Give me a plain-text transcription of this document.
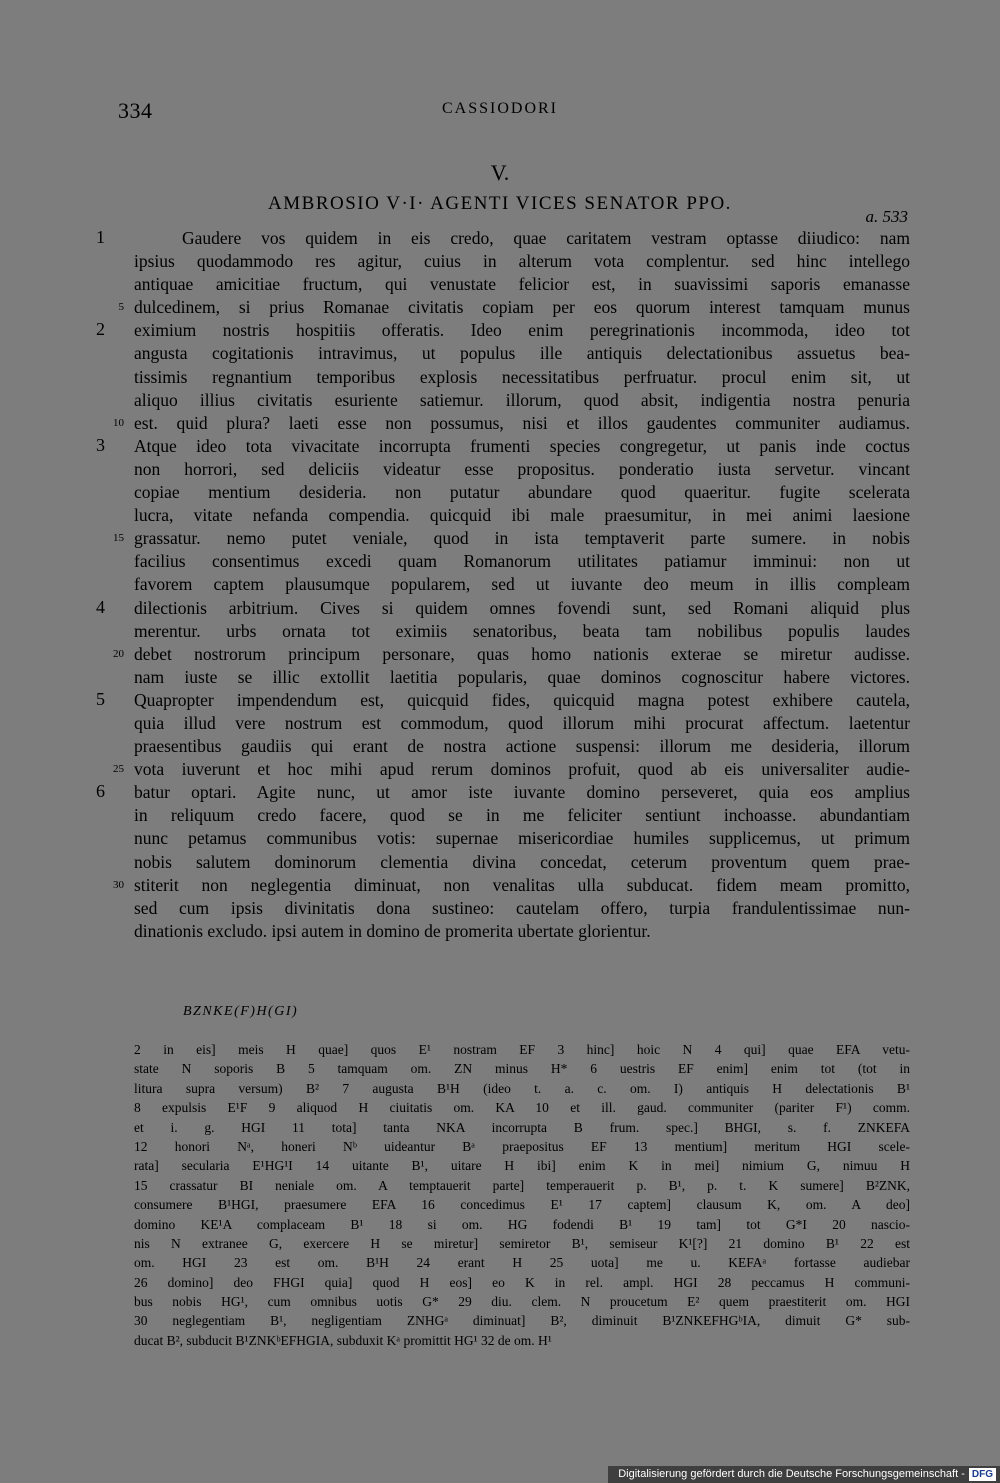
334	CASSIODORI
V.
AMBROSIO V·I· AGENTI VICES SENATOR PPO.
a. 533
1
2
3
4
5
6
5
10
15
20
25
30
Gaudere vos quidem in eis credo, quae caritatem vestram optasse diiudico: nam
ipsius quodammodo res agitur, cuius in alterum vota complentur. sed hinc intellego
antiquae amicitiae fructum, qui venustate felicior est, in suavissimi saporis emanasse
dulcedinem, si prius Romanae civitatis copiam per eos quorum interest tamquam munus
eximium nostris hospitiis offeratis. Ideo enim peregrinationis incommoda, ideo tot
angusta cogitationis intravimus, ut populus ille antiquis delectationibus assuetus bea-
tissimis regnantium temporibus explosis necessitatibus perfruatur. procul enim sit, ut
aliquo illius civitatis esuriente satiemur. illorum, quod absit, indigentia nostra penuria
est. quid plura? laeti esse non possumus, nisi et illos gaudentes communiter audiamus.
Atque ideo tota vivacitate incorrupta frumenti species congregetur, ut panis inde coctus
non horrori, sed deliciis videatur esse propositus. ponderatio iusta servetur. vincant
copiae mentium desideria. non putatur abundare quod quaeritur. fugite scelerata
lucra, vitate nefanda compendia. quicquid ibi male praesumitur, in mei animi laesione
grassatur. nemo putet veniale, quod in ista temptaverit parte sumere. in nobis
facilius consentimus excedi quam Romanorum utilitates patiamur imminui: non ut
favorem captem plausumque popularem, sed ut iuvante deo meum in illis compleam
dilectionis arbitrium. Cives si quidem omnes fovendi sunt, sed Romani aliquid plus
merentur. urbs ornata tot eximiis senatoribus, beata tam nobilibus populis laudes
debet nostrorum principum personare, quas homo nationis exterae se miretur audisse.
nam iuste se illic extollit laetitia popularis, quae dominos cognoscitur habere victores.
Quapropter impendendum est, quicquid fides, quicquid magna potest exhibere cautela,
quia illud vere nostrum est commodum, quod illorum mihi procurat affectum. laetentur
praesentibus gaudiis qui erant de nostra actione suspensi: illorum me desideria, illorum
vota iuverunt et hoc mihi apud rerum dominos profuit, quod ab eis universaliter audie-
batur optari. Agite nunc, ut amor iste iuvante domino perseveret, quia eos amplius
in reliquum credo facere, quod se in me feliciter sentiunt inchoasse. abundantiam
nunc petamus communibus votis: supernae misericordiae humiles supplicemus, ut primum
nobis salutem dominorum clementia divina concedat, ceterum proventum quem prae-
stiterit non neglegentia diminuat, non venalitas ulla subducat. fidem meam promitto,
sed cum ipsis divinitatis dona sustineo: cautelam offero, turpia frandulentissimae nun-
dinationis excludo. ipsi autem in domino de promerita ubertate glorientur.
BZNKE(F)H(GI)
2 in eis] meis H quae] quos E¹ nostram EF 3 hinc] hoic N 4 qui] quae EFA vetu-
state N soporis B 5 tamquam om. ZN minus H* 6 uestris EF enim] enim tot (tot in
litura supra versum) B² 7 augusta B¹H (ideo t. a. c. om. I) antiquis H delectationis B¹
8 expulsis E¹F 9 aliquod H ciuitatis om. KA 10 et ill. gaud. communiter (pariter F¹) comm.
et i. g. HGI 11 tota] tanta NKA incorrupta B frum. spec.] BHGI, s. f. ZNKEFA
12 honori Nᵃ, honeri Nᵇ uideantur Bᵃ praepositus EF 13 mentium] meritum HGI scele-
rata] secularia E¹HG¹I 14 uitante B¹, uitare H ibi] enim K in mei] nimium G, nimuu H
15 crassatur BI neniale om. A temptauerit parte] temperauerit p. B¹, p. t. K sumere] B²ZNK,
consumere B¹HGI, praesumere EFA 16 concedimus E¹ 17 captem] clausum K, om. A deo]
domino KE¹A complaceam B¹ 18 si om. HG fodendi B¹ 19 tam] tot G*I 20 nascio-
nis N extranee G, exercere H se miretur] semiretor B¹, semiseur K¹[?] 21 domino B¹ 22 est
om. HGI 23 est om. B¹H 24 erant H 25 uota] me u. KEFAᵃ fortasse audiebar
26 domino] deo FHGI quia] quod H eos] eo K in rel. ampl. HGI 28 peccamus H communi-
bus nobis HG¹, cum omnibus uotis G* 29 diu. clem. N proucetum E² quem praestiterit om. HGI
30 neglegentiam B¹, negligentiam ZNHGᵃ diminuat] B², diminuit B¹ZNKEFHGᵇIA, dimuit G* sub-
ducat B², subducit B¹ZNKᵇEFHGIA, subduxit Kᵃ promittit HG¹ 32 de om. H¹
Digitalisierung gefördert durch die Deutsche Forschungsgemeinschaft - DFG
